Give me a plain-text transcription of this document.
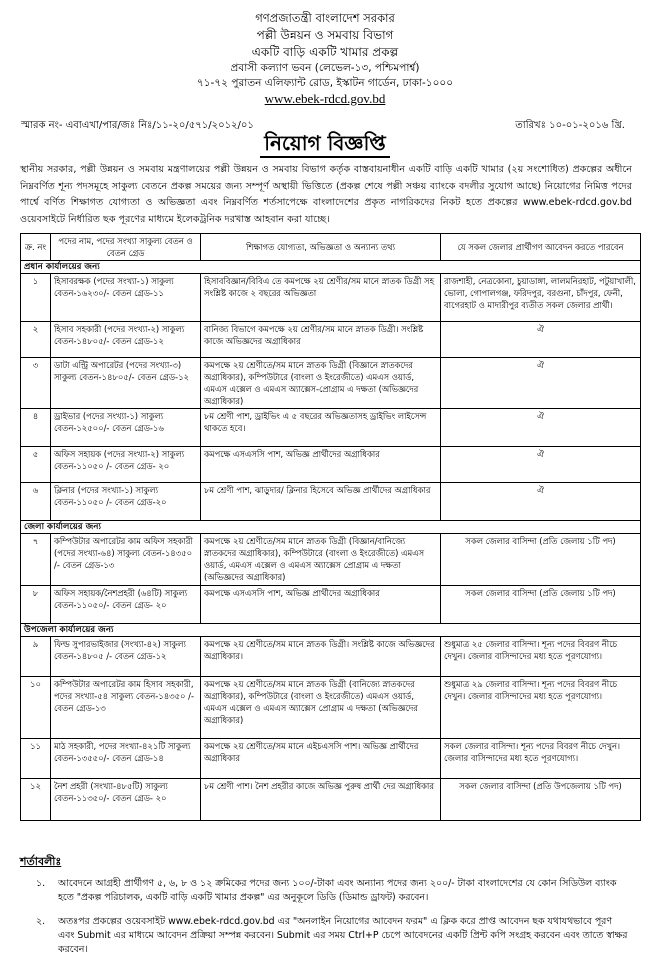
গণপ্রজাতন্ত্রী বাংলাদেশ সরকার
পল্লী উন্নয়ন ও সমবায় বিভাগ
একটি বাড়ি একটি খামার প্রকল্প
প্রবাসী কল্যাণ ভবন (লেভেল-১৩, পশ্চিমপার্শ্ব)
৭১-৭২ পুরাতন এলিফ্যান্ট রোড, ইস্কাটন গার্ডেন, ঢাকা-১০০০
www.ebek-rdcd.gov.bd
স্মারক নং- এবাএখা/পার/জঃ নিঃ/১১-২০/৫৭১/২০১২/০১	তারিখঃ ১০-০১-২০১৬ খ্রি.
নিয়োগ বিজ্ঞপ্তি
স্থানীয় সরকার, পল্লী উন্নয়ন ও সমবায় মন্ত্রণালয়ের পল্লী উন্নয়ন ও সমবায় বিভাগ কর্তৃক বাস্তবায়নাধীন একটি বাড়ি একটি খামার (২য় সংশোধিত) প্রকল্পের অধীনে নিম্নবর্ণিত শূন্য পদসমূহে সাকুল্য বেতনে প্রকল্প সময়ের জন্য সম্পূর্ণ অস্থায়ী ভিত্তিতে (প্রকল্প শেষে পল্লী সঞ্চয় ব্যাংকে বদলীর সুযোগ আছে) নিয়োগের নিমিত্ত পদের পার্শ্বে বর্ণিত শিক্ষাগত যোগ্যতা ও অভিজ্ঞতা এবং নিম্নবর্ণিত শর্তসাপেক্ষে বাংলাদেশের প্রকৃত নাগরিকদের নিকট হতে প্রকল্পের www.ebek-rdcd.gov.bd ওয়েবসাইটে নির্ধারিত ছক পূরণের মাধ্যমে ইলেকট্রনিক দরখাস্ত আহবান করা যাচ্ছে।
ক্র. নং	পদের নাম, পদের সংখ্যা সাকুল্য বেতন ও বেতন গ্রেড	শিক্ষাগত যোগ্যতা, অভিজ্ঞতা ও অন্যান্য তথ্য	যে সকল জেলার প্রার্থীগণ আবেদন করতে পারবেন
প্রধান কার্যালয়ের জন্য			
১	হিসাবরক্ষক (পদের সংখ্যা-১) সাকুল্য বেতন-১৬২৩০/- বেতন গ্রেড-১১	হিসাববিজ্ঞান/বিবিএ তে কমপক্ষে ২য় শ্রেণীর/সম মানে স্নাতক ডিগ্রী সহ সংশ্লিষ্ট কাজে ২ বছরের অভিজ্ঞতা	রাজশাহী, নেত্রকোনা, চুয়াডাঙ্গা, লালমনিরহাট, পটুয়াখালী, ভোলা, গোপালগঞ্জ, ফরিদপুর, বরগুনা, চাঁদপুর, ফেনী, বাগেরহাট ও মাদারীপুর ব্যতীত সকল জেলার প্রার্থী।
২	হিসাব সহকারী (পদের সংখ্যা-২) সাকুল্য বেতন-১৪৮০৫/- বেতন গ্রেড-১২	বানিজ্য বিভাগে কমপক্ষে ২য় শ্রেণীর/সম মানে স্নাতক ডিগ্রী। সংশ্লিষ্ট কাজে অভিজ্ঞদের অগ্রাধিকার	ঐ
৩	ডাটা এন্ট্রি অপারেটর (পদের সংখ্যা-৩) সাকুল্য বেতন-১৪৮০৫/- বেতন গ্রেড-১২	কমপক্ষে ২য় শ্রেণীতে/সম মানে স্নাতক ডিগ্রী (বিজ্ঞানে স্নাতকদের অগ্রাধিকার), কম্পিউটারে (বাংলা ও ইংরেজীতে) এমএস ওয়ার্ড, এমএস এক্সেল ও এমএস অ্যাক্সেস-প্রোগ্রাম এ দক্ষতা (অভিজ্ঞদের অগ্রাধিকার)	ঐ
৪	ড্রাইভার (পদের সংখ্যা-১) সাকুল্য বেতন-১২৫০০/- বেতন গ্রেড-১৬	৮ম শ্রেণী পাশ, ড্রাইভিং এ ৫ বছরের অভিজ্ঞতাসহ ড্রাইভিং লাইসেন্স থাকতে হবে।	ঐ
৫	অফিস সহায়ক (পদের সংখ্যা-২) সাকুল্য বেতন-১১০৫০ /- বেতন গ্রেড- ২০	কমপক্ষে এসএসসি পাশ, অভিজ্ঞ প্রার্থীদের অগ্রাধিকার	ঐ
৬	ক্লিনার (পদের সংখ্যা-১) সাকুল্য বেতন-১১০৫০ /- বেতন গ্রেড-২০	৮ম শ্রেণী পাশ, ঝাড়ুদার/ ক্লিনার হিসেবে অভিজ্ঞ প্রার্থীদের অগ্রাধিকার	ঐ
জেলা কার্যালয়ের জন্য			
৭	কম্পিউটার অপারেটর কাম অফিস সহকারী (পদের সংখ্যা-৬৪) সাকুল্য বেতন-১৪৩৫০ /- বেতন গ্রেড-১৩	কমপক্ষে ২য় শ্রেণীতে/সম মানে স্নাতক ডিগ্রী (বিজ্ঞান/বানিজ্যে স্নাতকদের অগ্রাধিকার), কম্পিউটারে (বাংলা ও ইংরেজীতে) এমএস ওয়ার্ড, এমএস এক্সেল ও এমএস অ্যাক্সেস প্রোগ্রাম এ দক্ষতা (অভিজ্ঞদের অগ্রাধিকার)	সকল জেলার বাসিন্দা (প্রতি জেলায় ১টি পদ)
৮	অফিস সহায়ক/নৈশপ্রহরী (৬৪টি) সাকুল্য বেতন-১১০৫০/- বেতন গ্রেড- ২০	কমপক্ষে এসএসসি পাশ, অভিজ্ঞ প্রার্থীদের অগ্রাধিকার	সকল জেলার বাসিন্দা (প্রতি জেলায় ১টি পদ)
উপজেলা কার্যালয়ের জন্য			
৯	ফিল্ড সুপারভাইজার (সংখ্যা-৪২) সাকুল্য বেতন-১৪৮০৫ /- বেতন গ্রেড-১২	কমপক্ষে ২য় শ্রেণীতে/সম মানে স্নাতক ডিগ্রী। সংশ্লিষ্ট কাজে অভিজ্ঞদের অগ্রাধিকার।	শুধুমাত্র ২৫ জেলার বাসিন্দা। শূন্য পদের বিবরণ নীচে দেখুন। জেলার বাসিন্দাদের মধ্য হতে পূরণযোগ্য।
১০	কম্পিউটার অপারেটর কাম হিসাব সহকারী, পদের সংখ্যা-৫৪ সাকুল্য বেতন-১৪৩৫০ /- বেতন গ্রেড-১৩	কমপক্ষে ২য় শ্রেণীতে/সম মানে স্নাতক ডিগ্রী (বানিজ্যে স্নাতকদের অগ্রাধিকার), কম্পিউটারে (বাংলা ও ইংরেজীতে) এমএস ওয়ার্ড, এমএস এক্সেল ও এমএস অ্যাক্সেস প্রোগ্রাম এ দক্ষতা (অভিজ্ঞদের অগ্রাধিকার)	শুধুমাত্র ২৯ জেলার বাসিন্দা। শূন্য পদের বিবরণ নীচে দেখুন। জেলার বাসিন্দাদের মধ্য হতে পূরণযোগ্য।
১১	মাঠ সহকারী, পদের সংখ্যা-৪২১টি সাকুল্য বেতন-১৩৫৫০/- বেতন গ্রেড-১৪	কমপক্ষে ২য় শ্রেণীতে/সম মানে এইচএসসি পাশ। অভিজ্ঞ প্রার্থীদের অগ্রাধিকার	সকল জেলার বাসিন্দা। শূন্য পদের বিবরণ নীচে দেখুন। জেলার বাসিন্দাদের মধ্য হতে পূরণযোগ্য।
১২	নৈশ প্রহরী (সংখ্যা-৪৮৫টি) সাকুল্য বেতন-১১৩৫০/- বেতন গ্রেড- ২০	৮ম শ্রেণী পাশ। নৈশ প্রহরীর কাজে অভিজ্ঞ পুরুষ প্রার্থী দের অগ্রাধিকার	সকল জেলার বাসিন্দা (প্রতি উপজেলায় ১টি পদ)
শর্তাবলীঃ
১. আবেদনে আগ্রহী প্রার্থীগণ ৫, ৬, ৮ ও ১২ ক্রমিকের পদের জন্য ১০০/-টাকা এবং অন্যান্য পদের জন্য ২০০/- টাকা বাংলাদেশের যে কোন সিডিউল ব্যাংক হতে "প্রকল্প পরিচালক, একটি বাড়ি একটি খামার প্রকল্প" এর অনুকূলে ডিডি (ডিমান্ড ড্রাফট) করবেন।
২. অতঃপর প্রকল্পের ওয়েবসাইট www.ebek-rdcd.gov.bd এর "অনলাইন নিয়োগের আবেদন ফরম" এ ক্লিক করে প্রাপ্ত আবেদন ছক যথাযথভাবে পূরণ এবং Submit এর মাধ্যমে আবেদন প্রক্রিয়া সম্পন্ন করবেন। Submit এর সময় Ctrl+P চেপে আবেদনের একটি প্রিন্ট কপি সংগ্রহ করবেন এবং তাতে স্বাক্ষর করবেন।
